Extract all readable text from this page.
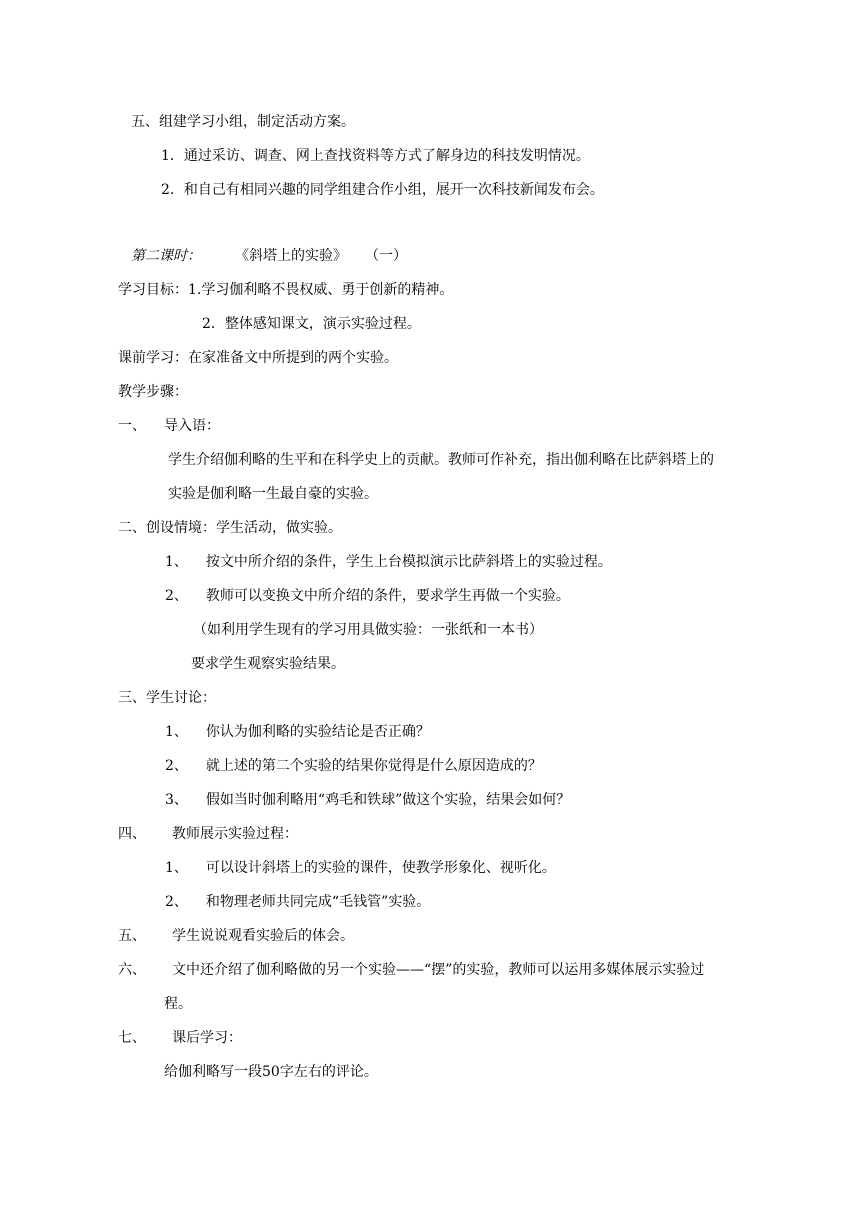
五、组建学习小组，制定活动方案。
1．通过采访、调查、网上查找资料等方式了解身边的科技发明情况。
2．和自己有相同兴趣的同学组建合作小组，展开一次科技新闻发布会。
第二课时： 《斜塔上的实验》 （一）
学习目标：1.学习伽利略不畏权威、勇于创新的精神。
2．整体感知课文，演示实验过程。
课前学习：在家准备文中所提到的两个实验。
教学步骤：
一、 导入语：
学生介绍伽利略的生平和在科学史上的贡献。教师可作补充，指出伽利略在比萨斜塔上的
实验是伽利略一生最自豪的实验。
二、创设情境：学生活动，做实验。
1、 按文中所介绍的条件，学生上台模拟演示比萨斜塔上的实验过程。
2、 教师可以变换文中所介绍的条件，要求学生再做一个实验。
（如利用学生现有的学习用具做实验：一张纸和一本书）
要求学生观察实验结果。
三、学生讨论：
1、 你认为伽利略的实验结论是否正确？
2、 就上述的第二个实验的结果你觉得是什么原因造成的？
3、 假如当时伽利略用“鸡毛和铁球”做这个实验，结果会如何？
四、 教师展示实验过程：
1、 可以设计斜塔上的实验的课件，使教学形象化、视听化。
2、 和物理老师共同完成“毛钱管”实验。
五、 学生说说观看实验后的体会。
六、 文中还介绍了伽利略做的另一个实验——“摆”的实验，教师可以运用多媒体展示实验过
程。
七、 课后学习：
给伽利略写一段50字左右的评论。
